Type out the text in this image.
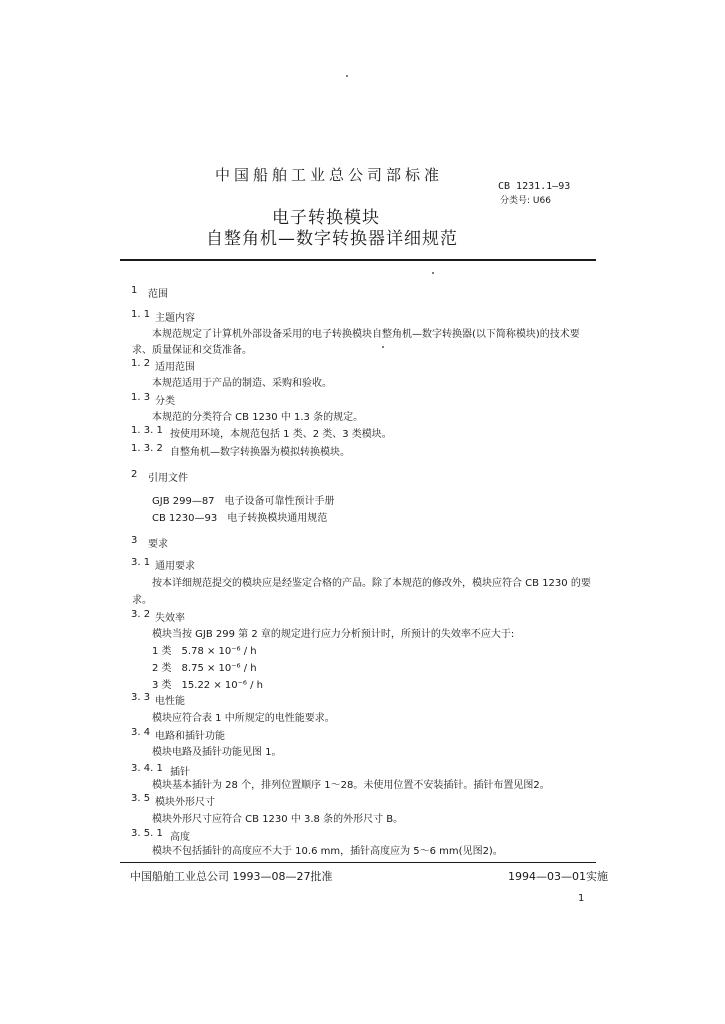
中国船舶工业总公司部标准
CB 1231.1—93
分类号: U66
电子转换模块
自整角机—数字转换器详细规范
1 范围
1. 1 主题内容
本规范规定了计算机外部设备采用的电子转换模块自整角机—数字转换器(以下简称模块)的技术要
求、质量保证和交货准备。
1. 2 适用范围
本规范适用于产品的制造、采购和验收。
1. 3 分类
本规范的分类符合 CB 1230 中 1.3 条的规定。
1. 3. 1 按使用环境，本规范包括 1 类、2 类、3 类模块。
1. 3. 2 自整角机—数字转换器为模拟转换模块。
2 引用文件
GJB 299—87　电子设备可靠性预计手册
CB 1230—93　电子转换模块通用规范
3 要求
3. 1 通用要求
按本详细规范提交的模块应是经鉴定合格的产品。除了本规范的修改外，模块应符合 CB 1230 的要
求。
3. 2 失效率
模块当按 GJB 299 第 2 章的规定进行应力分析预计时，所预计的失效率不应大于:
1 类　5.78 × 10⁻⁶ / h
2 类　8.75 × 10⁻⁶ / h
3 类　15.22 × 10⁻⁶ / h
3. 3 电性能
模块应符合表 1 中所规定的电性能要求。
3. 4 电路和插针功能
模块电路及插针功能见图 1。
3. 4. 1 插针
模块基本插针为 28 个，排列位置顺序 1～28。未使用位置不安装插针。插针布置见图2。
3. 5 模块外形尺寸
模块外形尺寸应符合 CB 1230 中 3.8 条的外形尺寸 B。
3. 5. 1 高度
模块不包括插针的高度应不大于 10.6 mm，插针高度应为 5～6 mm(见图2)。
中国船舶工业总公司 1993—08—27批准	1994—03—01实施
1
